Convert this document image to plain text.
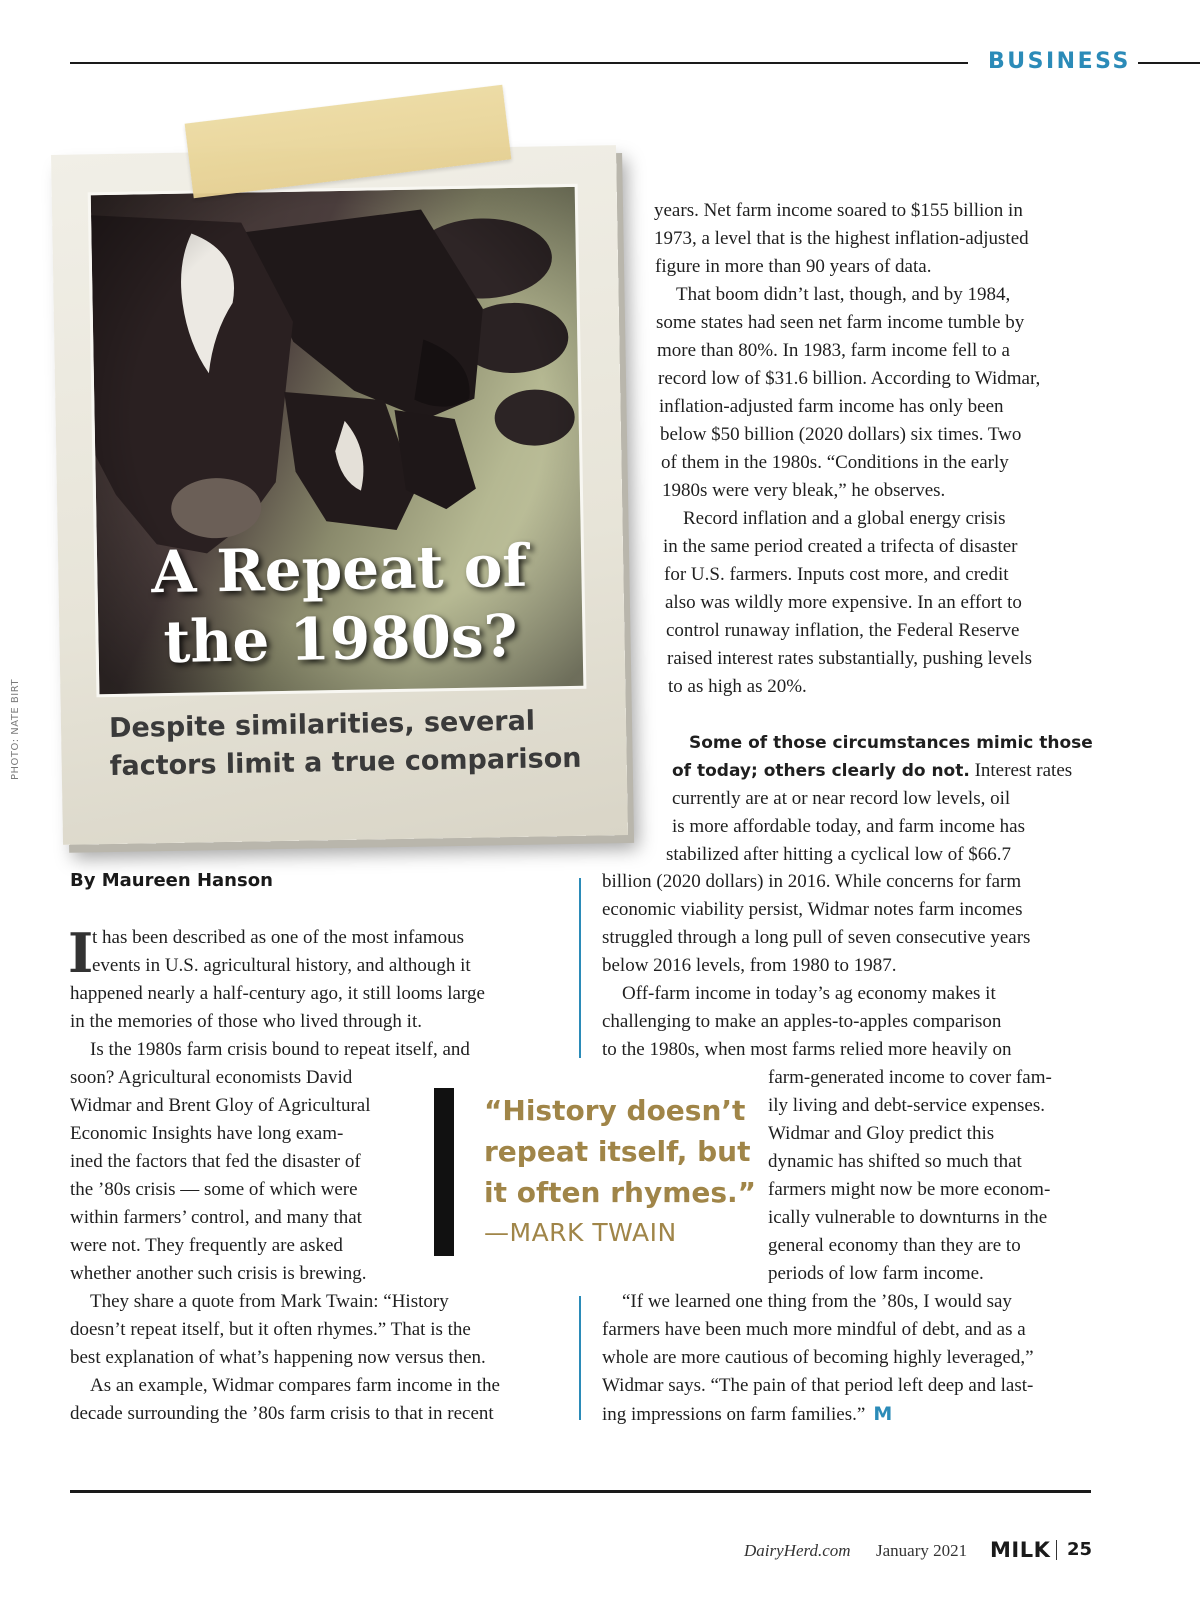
BUSINESS
A Repeat of
the 1980s?
Despite similarities, several
factors limit a true comparison
PHOTO: NATE BIRT
years. Net farm income soared to $155 billion in
1973, a level that is the highest inflation-adjusted
figure in more than 90 years of data.
That boom didn’t last, though, and by 1984,
some states had seen net farm income tumble by
more than 80%. In 1983, farm income fell to a
record low of $31.6 billion. According to Widmar,
inflation-adjusted farm income has only been
below $50 billion (2020 dollars) six times. Two
of them in the 1980s. “Conditions in the early
1980s were very bleak,” he observes.
Record inflation and a global energy crisis
in the same period created a trifecta of disaster
for U.S. farmers. Inputs cost more, and credit
also was wildly more expensive. In an effort to
control runaway inflation, the Federal Reserve
raised interest rates substantially, pushing levels
to as high as 20%.
Some of those circumstances mimic those
of today; others clearly do not. Interest rates
currently are at or near record low levels, oil
is more affordable today, and farm income has
stabilized after hitting a cyclical low of $66.7
By Maureen Hanson
I
t has been described as one of the most infamous
events in U.S. agricultural history, and although it
happened nearly a half-century ago, it still looms large
in the memories of those who lived through it.
Is the 1980s farm crisis bound to repeat itself, and
soon? Agricultural economists David
Widmar and Brent Gloy of Agricultural
Economic Insights have long exam-
ined the factors that fed the disaster of
the ’80s crisis — some of which were
within farmers’ control, and many that
were not. They frequently are asked
whether another such crisis is brewing.
They share a quote from Mark Twain: “History
doesn’t repeat itself, but it often rhymes.” That is the
best explanation of what’s happening now versus then.
As an example, Widmar compares farm income in the
decade surrounding the ’80s farm crisis to that in recent
billion (2020 dollars) in 2016. While concerns for farm
economic viability persist, Widmar notes farm incomes
struggled through a long pull of seven consecutive years
below 2016 levels, from 1980 to 1987.
Off-farm income in today’s ag economy makes it
challenging to make an apples-to-apples comparison
to the 1980s, when most farms relied more heavily on
farm-generated income to cover fam-
ily living and debt-service expenses.
Widmar and Gloy predict this
dynamic has shifted so much that
farmers might now be more econom-
ically vulnerable to downturns in the
general economy than they are to
periods of low farm income.
“If we learned one thing from the ’80s, I would say
farmers have been much more mindful of debt, and as a
whole are more cautious of becoming highly leveraged,”
Widmar says. “The pain of that period left deep and last-
ing impressions on farm families.” M
“History doesn’t
repeat itself, but
it often rhymes.”
—MARK TWAIN
DairyHerd.com January 2021 MILK 25
